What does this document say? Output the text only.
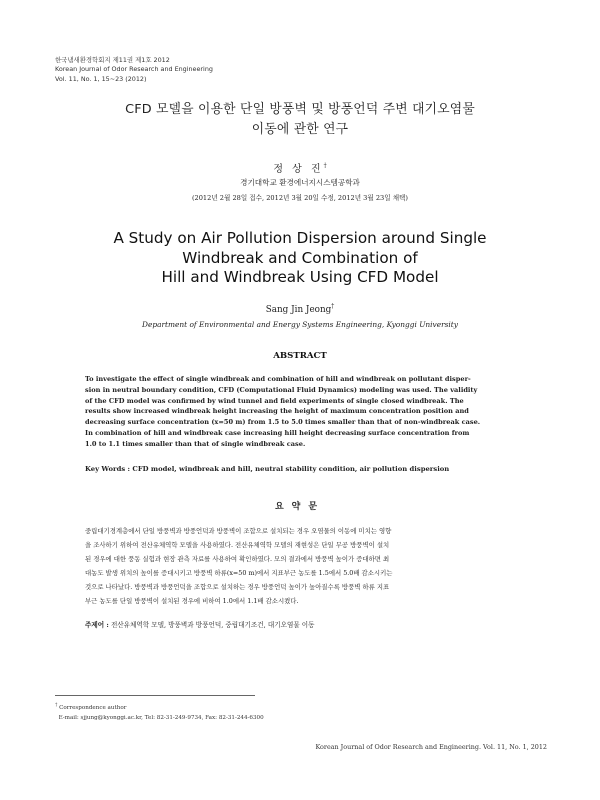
한국냄새환경학회지 제11권 제1호 2012
Korean Journal of Odor Research and Engineering
Vol. 11, No. 1, 15~23 (2012)
CFD 모델을 이용한 단일 방풍벽 및 방풍언덕 주변 대기오염물
이동에 관한 연구
정 상 진†
경기대학교 환경에너지시스템공학과
(2012년 2월 28일 접수, 2012년 3월 20일 수정, 2012년 3월 23일 채택)
A Study on Air Pollution Dispersion around Single
Windbreak and Combination of
Hill and Windbreak Using CFD Model
Sang Jin Jeong†
Department of Environmental and Energy Systems Engineering, Kyonggi University
ABSTRACT
To investigate the effect of single windbreak and combination of hill and windbreak on pollutant disper-
sion in neutral boundary condition, CFD (Computational Fluid Dynamics) modeling was used. The validity
of the CFD model was confirmed by wind tunnel and field experiments of single closed windbreak. The
results show increased windbreak height increasing the height of maximum concentration position and
decreasing surface concentration (x=50 m) from 1.5 to 5.0 times smaller than that of non-windbreak case.
In combination of hill and windbreak case increasing hill height decreasing surface concentration from
1.0 to 1.1 times smaller than that of single windbreak case.
Key Words : CFD model, windbreak and hill, neutral stability condition, air pollution dispersion
요약문
중립대기경계층에서 단일 방풍벽과 방풍언덕과 방풍벽이 조합으로 설치되는 경우 오염물의 이동에 미치는 영향
을 조사하기 위하여 전산유체역학 모델을 사용하였다. 전산유체역학 모델의 재현성은 단일 무공 방풍벽이 설치
된 경우에 대한 풍동 실험과 현장 관측 자료를 사용하여 확인하였다. 모의 결과에서 방풍벽 높이가 증대하면 최
대농도 발생 위치의 높이를 증대시키고 방풍벽 하류(x=50 m)에서 지표부근 농도를 1.5에서 5.0배 감소시키는
것으로 나타났다. 방풍벽과 방풍언덕을 조합으로 설치하는 경우 방풍언덕 높이가 높아질수록 방풍벽 하류 지표
부근 농도를 단일 방풍벽이 설치된 경우에 비하여 1.0에서 1.1배 감소시켰다.
주제어 : 전산유체역학 모델, 방풍벽과 방풍언덕, 중립대기조건, 대기오염물 이동
† Correspondence author
E-mail: sjjung@kyonggi.ac.kr, Tel: 82-31-249-9734, Fax: 82-31-244-6300
Korean Journal of Odor Research and Engineering. Vol. 11, No. 1, 2012
